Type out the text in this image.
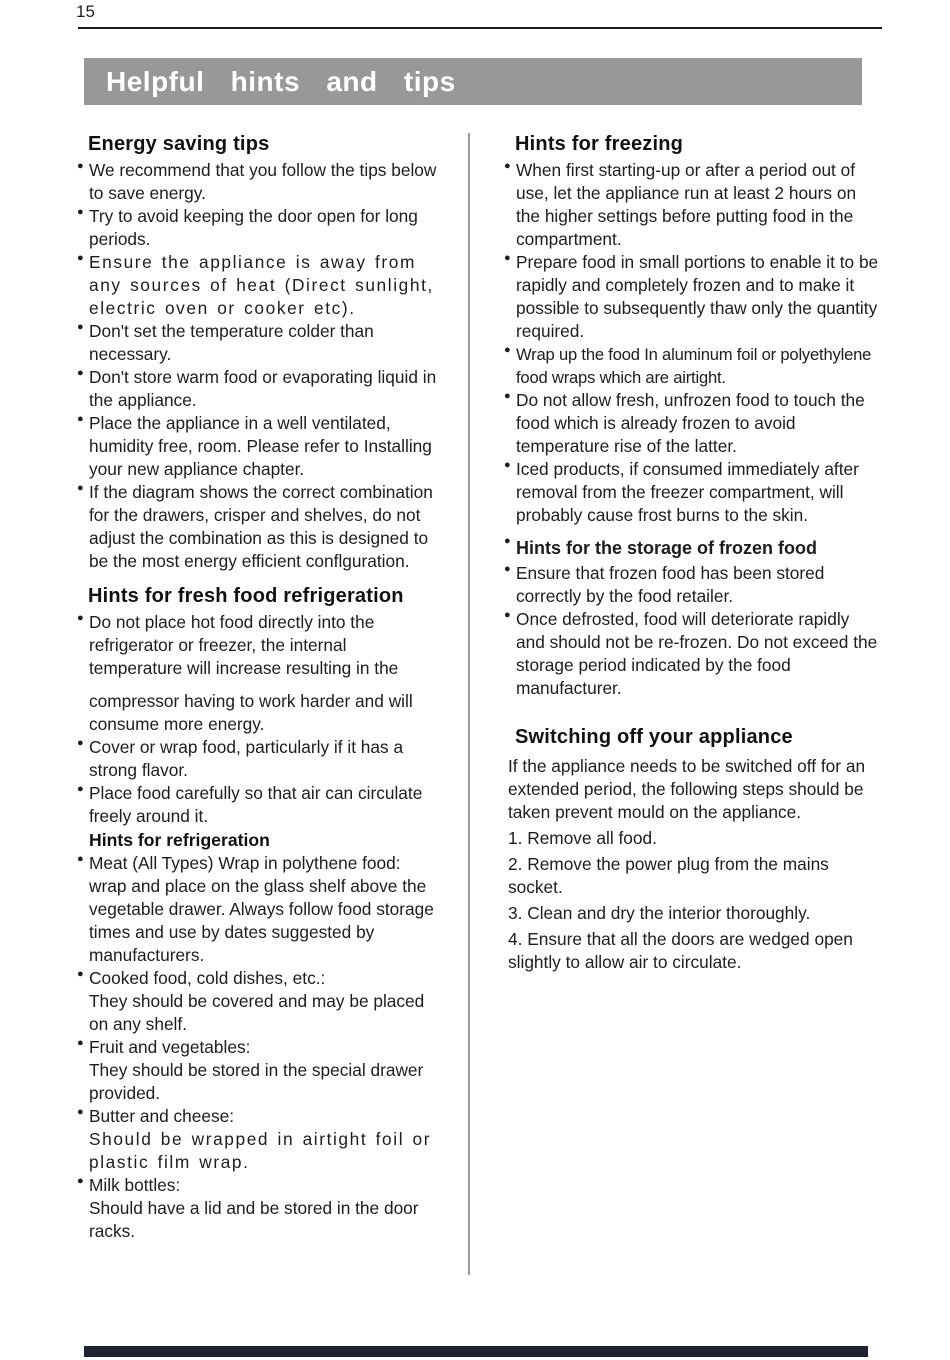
15
Helpful hints and tips
Energy saving tips
● We recommend that you follow the tips below to save energy.
● Try to avoid keeping the door open for long periods.
● Ensure the appliance is away from any sources of heat (Direct sunlight, electric oven or cooker etc).
● Don't set the temperature colder than necessary.
● Don't store warm food or evaporating liquid in the appliance.
● Place the appliance in a well ventilated, humidity free, room. Please refer to Installing your new appliance chapter.
● If the diagram shows the correct combination for the drawers, crisper and shelves, do not adjust the combination as this is designed to be the most energy efficient conflguration.
Hints for fresh food refrigeration
● Do not place hot food directly into the refrigerator or freezer, the internal temperature will increase resulting in the
compressor having to work harder and will consume more energy.
● Cover or wrap food, particularly if it has a strong flavor.
● Place food carefully so that air can circulate freely around it.
Hints for refrigeration
● Meat (All Types) Wrap in polythene food: wrap and place on the glass shelf above the vegetable drawer. Always follow food storage times and use by dates suggested by manufacturers.
● Cooked food, cold dishes, etc.:
They should be covered and may be placed on any shelf.
● Fruit and vegetables:
They should be stored in the special drawer provided.
● Butter and cheese:
Should be wrapped in airtight foil or plastic film wrap.
● Milk bottles:
Should have a lid and be stored in the door racks.
Hints for freezing
● When first starting-up or after a period out of use, let the appliance run at least 2 hours on the higher settings before putting food in the compartment.
● Prepare food in small portions to enable it to be rapidly and completely frozen and to make it possible to subsequently thaw only the quantity required.
● Wrap up the food In aluminum foil or polyethylene food wraps which are airtight.
● Do not allow fresh, unfrozen food to touch the  food which is already frozen to avoid temperature rise of the latter.
● Iced products, if consumed immediately after removal from the freezer compartment, will probably cause frost burns to the skin.
● Hints for the storage of frozen food
● Ensure that frozen food has been stored correctly by the food retailer.
● Once defrosted, food will deteriorate rapidly and should not be re-frozen. Do not exceed the storage period indicated by the food manufacturer.
Switching off your appliance

If the appliance needs to be switched off for an extended period, the following steps should be taken prevent mould on the appliance.

1. Remove all food.

2. Remove the power plug from the mains socket.

3. Clean and dry the interior thoroughly.

4. Ensure that all the doors are wedged open slightly to allow air to circulate.
